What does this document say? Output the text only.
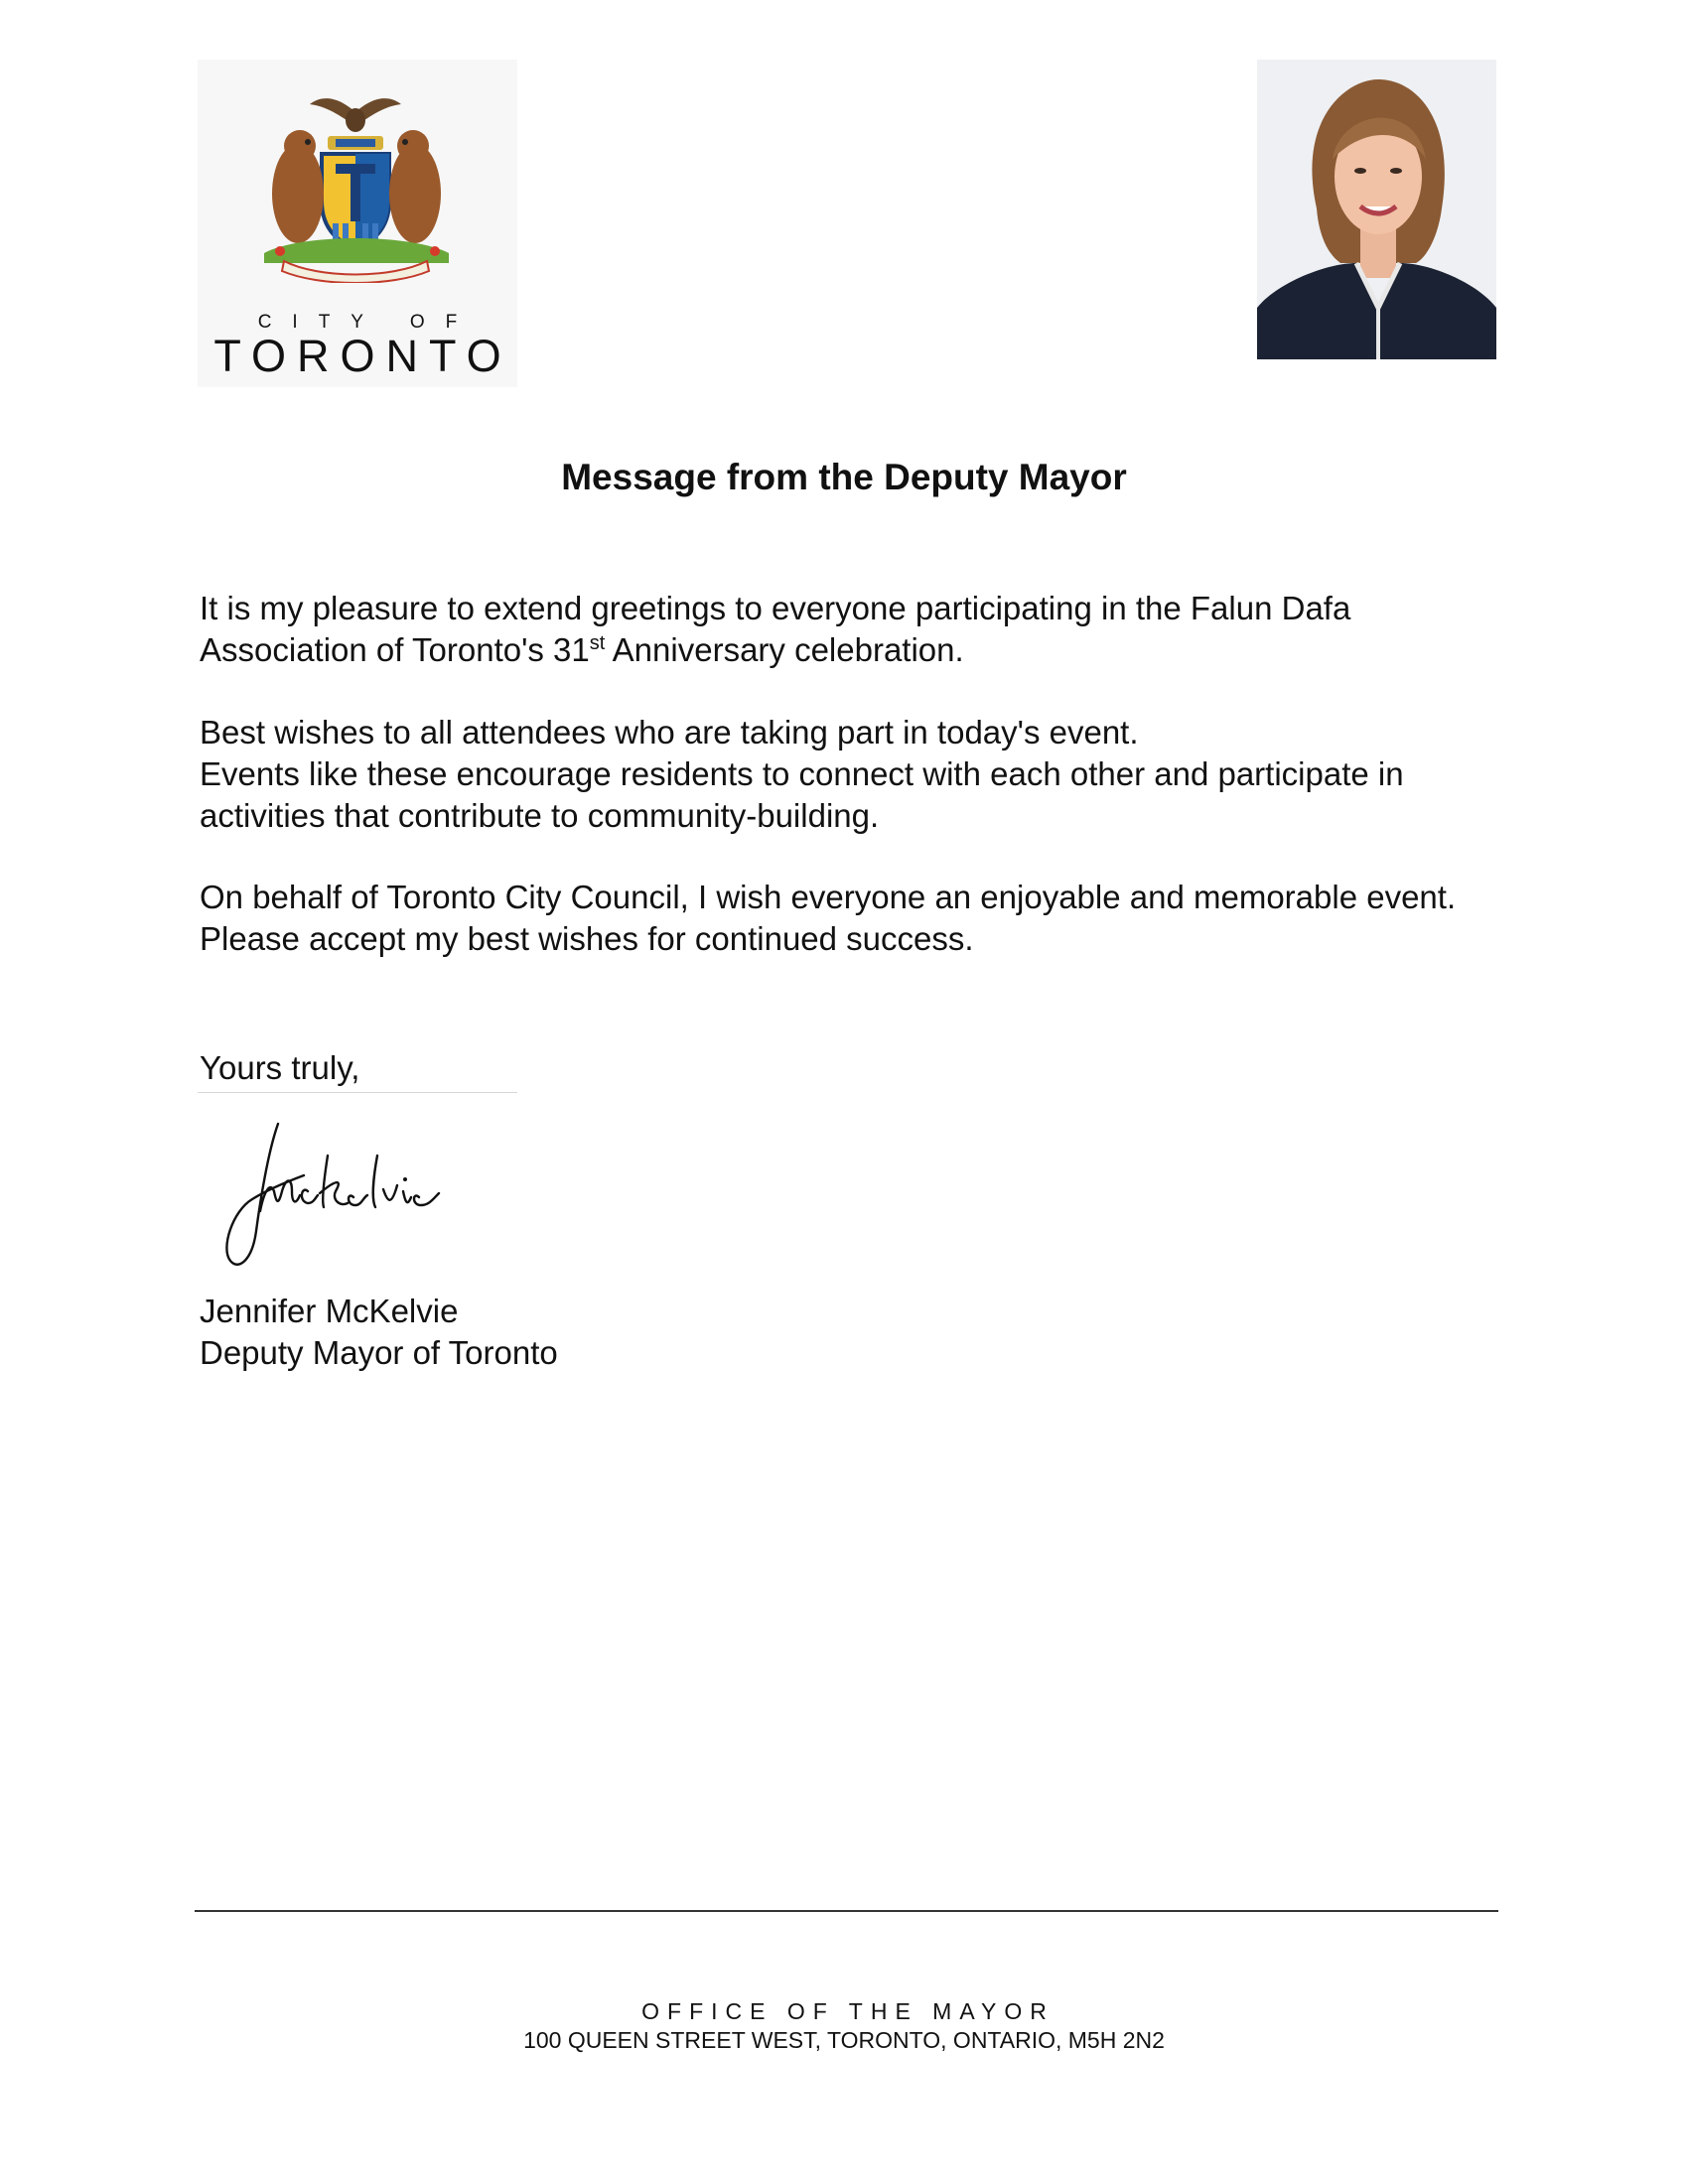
CITY OF
TORONTO
Message from the Deputy Mayor

It is my pleasure to extend greetings to everyone participating in the Falun Dafa Association of Toronto's 31st Anniversary celebration.

Best wishes to all attendees who are taking part in today's event.
Events like these encourage residents to connect with each other and participate in activities that contribute to community-building.

On behalf of Toronto City Council, I wish everyone an enjoyable and memorable event. Please accept my best wishes for continued success.

Yours truly,
Jennifer McKelvie
Deputy Mayor of Toronto
OFFICE OF THE MAYOR
100 QUEEN STREET WEST, TORONTO, ONTARIO, M5H 2N2
